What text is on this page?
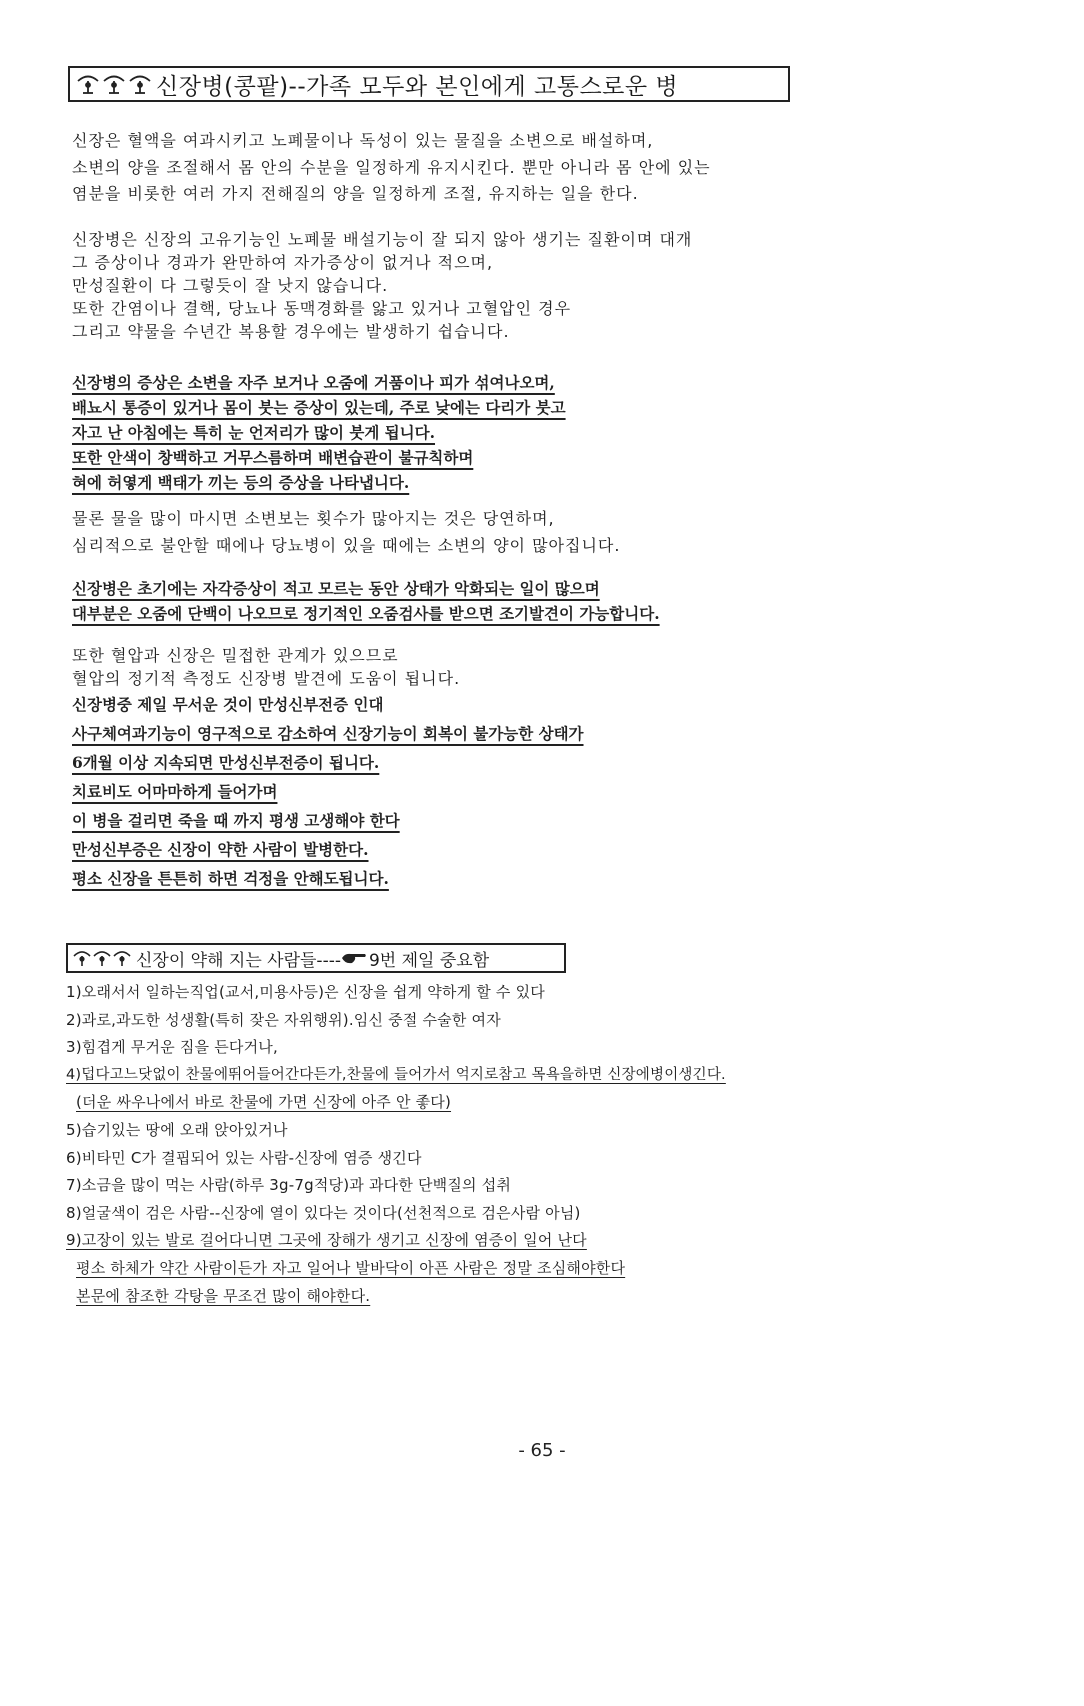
신장병(콩팥)--가족 모두와 본인에게 고통스로운 병

신장은 혈액을 여과시키고 노폐물이나 독성이 있는 물질을 소변으로 배설하며,
소변의 양을 조절해서 몸 안의 수분을 일정하게 유지시킨다. 뿐만 아니라 몸 안에 있는
염분을 비롯한 여러 가지 전해질의 양을 일정하게 조절, 유지하는 일을 한다.

신장병은 신장의 고유기능인 노폐물 배설기능이 잘 되지 않아 생기는 질환이며 대개
그 증상이나 경과가 완만하여 자가증상이 없거나 적으며,
만성질환이 다 그렇듯이 잘 낫지 않습니다.
또한 간염이나 결핵, 당뇨나 동맥경화를 앓고 있거나 고혈압인 경우
그리고 약물을 수년간 복용할 경우에는 발생하기 쉽습니다.

신장병의 증상은 소변을 자주 보거나 오줌에 거품이나 피가 섞여나오며,
배뇨시 통증이 있거나 몸이 붓는 증상이 있는데, 주로 낮에는 다리가 붓고
자고 난 아침에는 특히 눈 언저리가 많이 붓게 됩니다.
또한 안색이 창백하고 거무스름하며 배변습관이 불규칙하며
혀에 허옇게 백태가 끼는 등의 증상을 나타냅니다.

물론 물을 많이 마시면 소변보는 횟수가 많아지는 것은 당연하며,
심리적으로 불안할 때에나 당뇨병이 있을 때에는 소변의 양이 많아집니다.

신장병은 초기에는 자각증상이 적고 모르는 동안 상태가 악화되는 일이 많으며
대부분은 오줌에 단백이 나오므로 정기적인 오줌검사를 받으면 조기발견이 가능합니다.

또한 혈압과 신장은 밀접한 관계가 있으므로
혈압의 정기적 측정도 신장병 발견에 도움이 됩니다.

신장병중 제일 무서운 것이 만성신부전증 인대
사구체여과기능이 영구적으로 감소하여 신장기능이 회복이 불가능한 상태가
6개월 이상 지속되면 만성신부전증이 됩니다.
치료비도 어마마하게 들어가며
이 병을 걸리면 죽을 때 까지 평생 고생해야 한다
만성신부증은 신장이 약한 사람이 발병한다.
평소 신장을 튼튼히 하면 걱정을 안해도됩니다.

신장이 약해 지는 사람들---- 9번 제일 중요함
1)오래서서 일하는직업(교서,미용사등)은 신장을 쉽게 약하게 할 수 있다
2)과로,과도한 성생활(특히 잦은 자위행위).임신 중절 수술한 여자
3)힘겹게 무거운 짐을 든다거나,
4)덥다고느닷없이 찬물에뛰어들어간다든가,찬물에 들어가서 억지로참고 목욕을하면 신장에병이생긴다.
(더운 싸우나에서 바로 찬물에 가면 신장에 아주 안 좋다)
5)습기있는 땅에 오래 앉아있거나
6)비타민 C가 결핍되어 있는 사람-신장에 염증 생긴다
7)소금을 많이 먹는 사람(하루 3g-7g적당)과 과다한 단백질의 섭취
8)얼굴색이 검은 사람--신장에 열이 있다는 것이다(선천적으로 검은사람 아님)
9)고장이 있는 발로 걸어다니면 그곳에 장해가 생기고 신장에 염증이 일어 난다
평소 하체가 약간 사람이든가 자고 일어나 발바닥이 아픈 사람은 정말 조심해야한다
본문에 참조한 각탕을 무조건 많이 해야한다.
- 65 -
